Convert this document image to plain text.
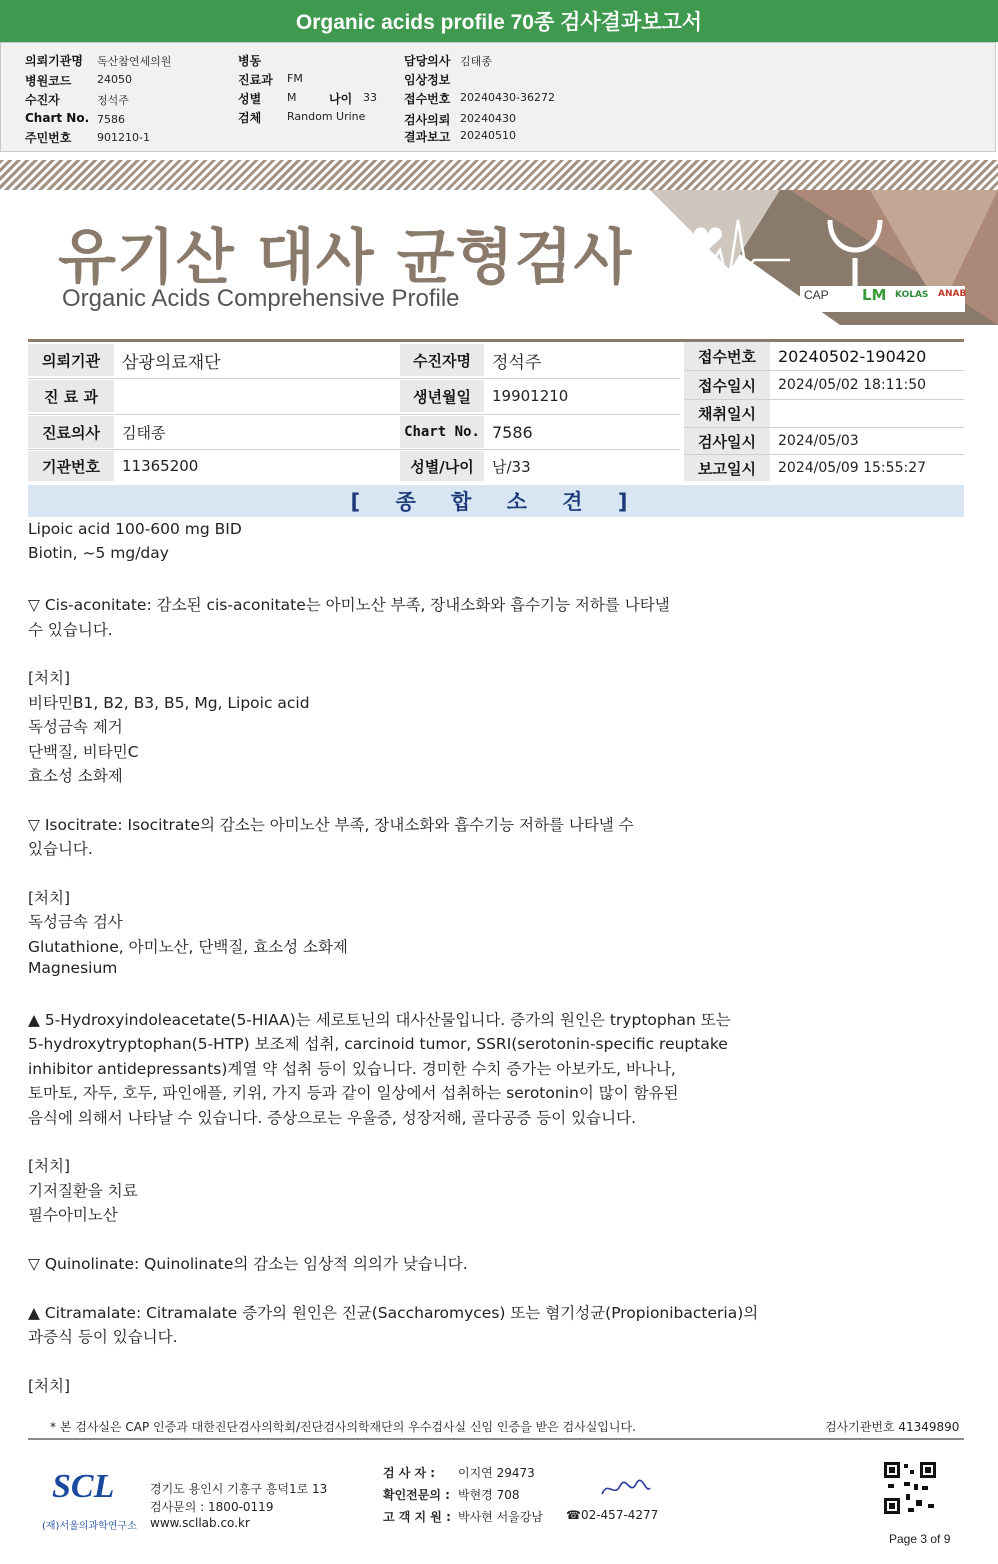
Organic acids profile 70종 검사결과보고서
의뢰기관명 독산참연세의원
병원코드 24050
수진자	정석주
Chart No. 7586
주민번호 901210-1
병동
진료과 FM
성별 M	나이 33
검체 Random Urine
담당의사 김태종
임상정보
접수번호 20240430-36272
검사의뢰 20240430
결과보고 20240510
CAP LM KOLAS ANAB
유기산 대사 균형검사
Organic Acids Comprehensive Profile
의뢰기관	삼광의료재단
진 료 과
진료의사	김태종
기관번호	11365200
수진자명	정석주
생년월일	19901210
Chart No. 7586
성별/나이	남/33
접수번호	20240502-190420
접수일시	2024/05/02 18:11:50
채취일시
검사일시	2024/05/03
보고일시	2024/05/09 15:55:27
[ 종 합 소 견 ]
Lipoic acid 100-600 mg BID
Biotin, ~5 mg/day
▽ Cis-aconitate: 감소된 cis-aconitate는 아미노산 부족, 장내소화와 흡수기능 저하를 나타낼
수 있습니다.
[처치]
비타민B1, B2, B3, B5, Mg, Lipoic acid
독성금속 제거
단백질, 비타민C
효소성 소화제
▽ Isocitrate: Isocitrate의 감소는 아미노산 부족, 장내소화와 흡수기능 저하를 나타낼 수
있습니다.
[처치]
독성금속 검사
Glutathione, 아미노산, 단백질, 효소성 소화제
Magnesium
▲ 5-Hydroxyindoleacetate(5-HIAA)는 세로토닌의 대사산물입니다. 증가의 원인은 tryptophan 또는
5-hydroxytryptophan(5-HTP) 보조제 섭취, carcinoid tumor, SSRI(serotonin-specific reuptake
inhibitor antidepressants)계열 약 섭취 등이 있습니다. 경미한 수치 증가는 아보카도, 바나나,
토마토, 자두, 호두, 파인애플, 키위, 가지 등과 같이 일상에서 섭취하는 serotonin이 많이 함유된
음식에 의해서 나타날 수 있습니다. 증상으로는 우울증, 성장저해, 골다공증 등이 있습니다.
[처치]
기저질환을 치료
필수아미노산
▽ Quinolinate: Quinolinate의 감소는 임상적 의의가 낮습니다.
▲ Citramalate: Citramalate 증가의 원인은 진균(Saccharomyces) 또는 혐기성균(Propionibacteria)의
과증식 등이 있습니다.
[처치]
* 본 검사실은 CAP 인증과 대한진단검사의학회/진단검사의학재단의 우수검사실 신임 인증을 받은 검사실입니다.	검사기관번호 41349890
SCL
(재)서울의과학연구소
경기도 용인시 기흥구 흥덕1로 13
검사문의 : 1800-0119
www.scllab.co.kr
검 사 자 : 이지연 29473
확인전문의 : 박현경 708
고 객 지 원 : 박사현 서울강남 ☎02-457-4277
Page 3 of 9
